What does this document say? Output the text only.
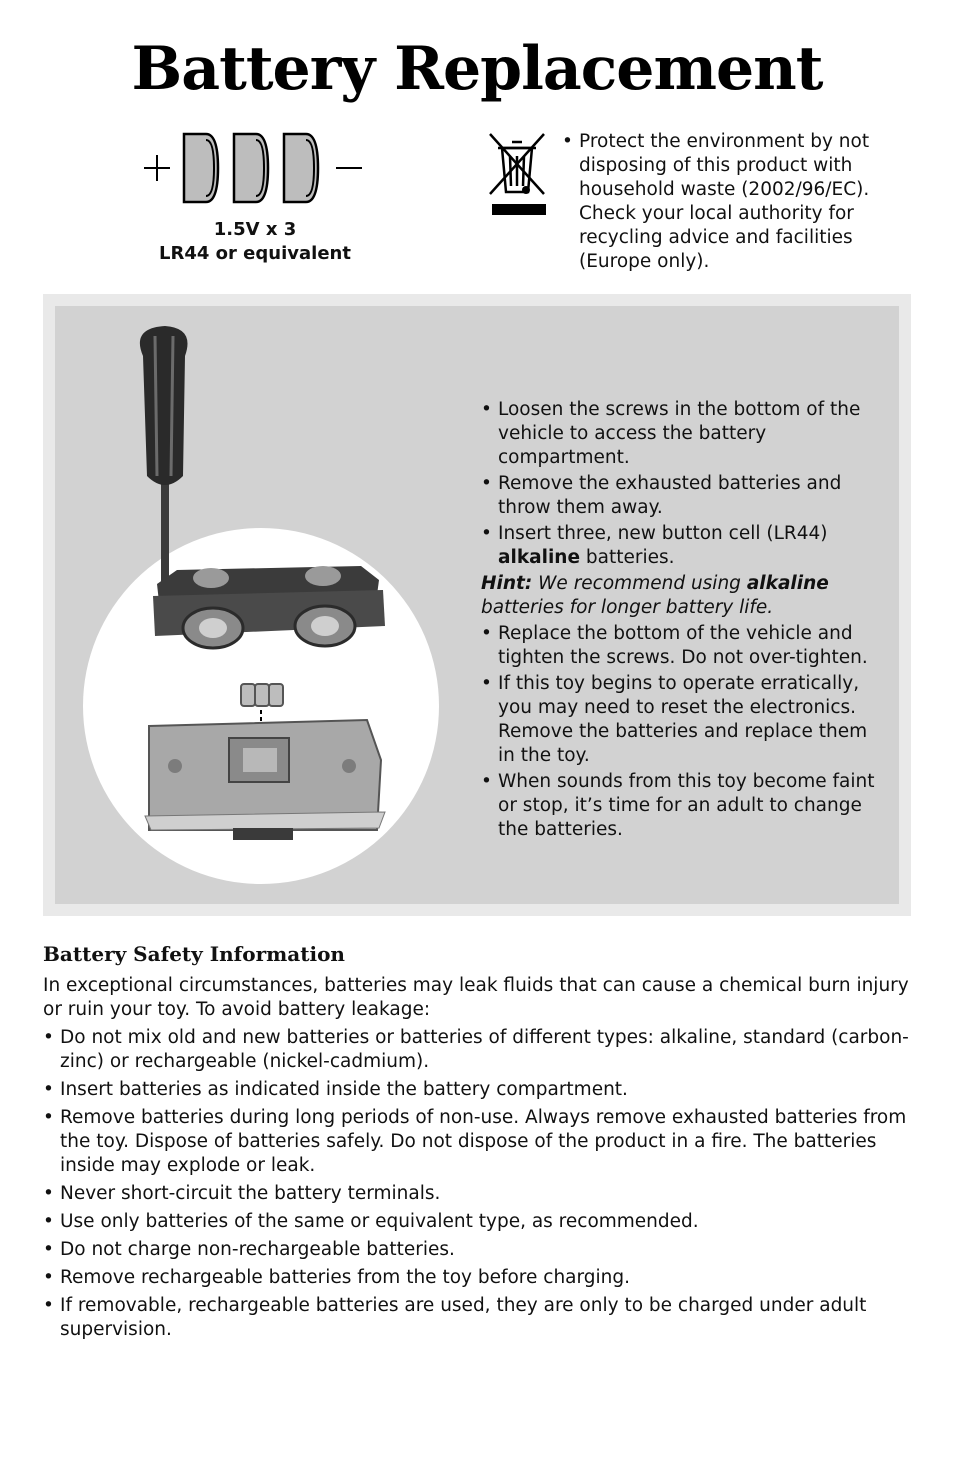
Battery Replacement
1.5V x 3
LR44 or equivalent
• Protect the environment by not disposing of this product with household waste (2002/96/EC). Check your local authority for recycling advice and facilities (Europe only).
• Loosen the screws in the bottom of the vehicle to access the battery compartment.
• Remove the exhausted batteries and throw them away.
• Insert three, new button cell (LR44)
alkaline batteries.
Hint: We recommend using alkaline
batteries for longer battery life.
• Replace the bottom of the vehicle and tighten the screws. Do not over-tighten.
• If this toy begins to operate erratically, you may need to reset the electronics. Remove the batteries and replace them in the toy.
• When sounds from this toy become faint or stop, it’s time for an adult to change the batteries.
Battery Safety Information
In exceptional circumstances, batteries may leak fluids that can cause a chemical burn injury or ruin your toy. To avoid battery leakage:
• Do not mix old and new batteries or batteries of different types: alkaline, standard (carbon-zinc) or rechargeable (nickel-cadmium).
• Insert batteries as indicated inside the battery compartment.
• Remove batteries during long periods of non-use. Always remove exhausted batteries from the toy. Dispose of batteries safely. Do not dispose of the product in a fire. The batteries inside may explode or leak.
• Never short-circuit the battery terminals.
• Use only batteries of the same or equivalent type, as recommended.
• Do not charge non-rechargeable batteries.
• Remove rechargeable batteries from the toy before charging.
• If removable, rechargeable batteries are used, they are only to be charged under adult supervision.
